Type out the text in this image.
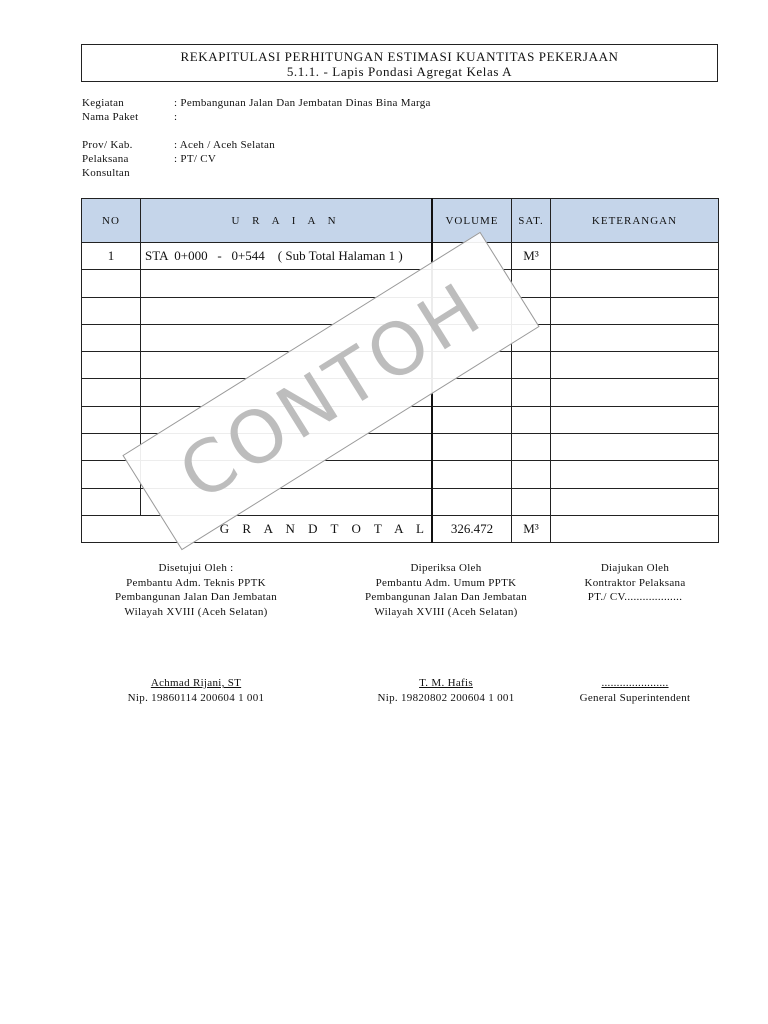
REKAPITULASI PERHITUNGAN ESTIMASI KUANTITAS PEKERJAAN
5.1.1. - Lapis Pondasi Agregat Kelas A
Kegiatan	: Pembangunan Jalan Dan Jembatan Dinas Bina Marga
Nama Paket	:
Prov/ Kab.	: Aceh / Aceh Selatan
Pelaksana	: PT/ CV
Konsultan
NO	U R A I A N	VOLUME	SAT.	KETERANGAN
1	STA  0+000   -   0+544    ( Sub Total Halaman 1 )		M³	

G R A N D T O T A L		326.472	M³	
Disetujui Oleh :
Pembantu Adm. Teknis PPTK
Pembangunan Jalan Dan Jembatan
Wilayah XVIII (Aceh Selatan)
Achmad Rijani, ST
Nip. 19860114 200604 1 001
Diperiksa Oleh
Pembantu Adm. Umum PPTK
Pembangunan Jalan Dan Jembatan
Wilayah XVIII (Aceh Selatan)
T. M. Hafis
Nip. 19820802 200604 1 001
Diajukan Oleh
Kontraktor Pelaksana
PT./ CV...................
......................
General Superintendent
CONTOH
